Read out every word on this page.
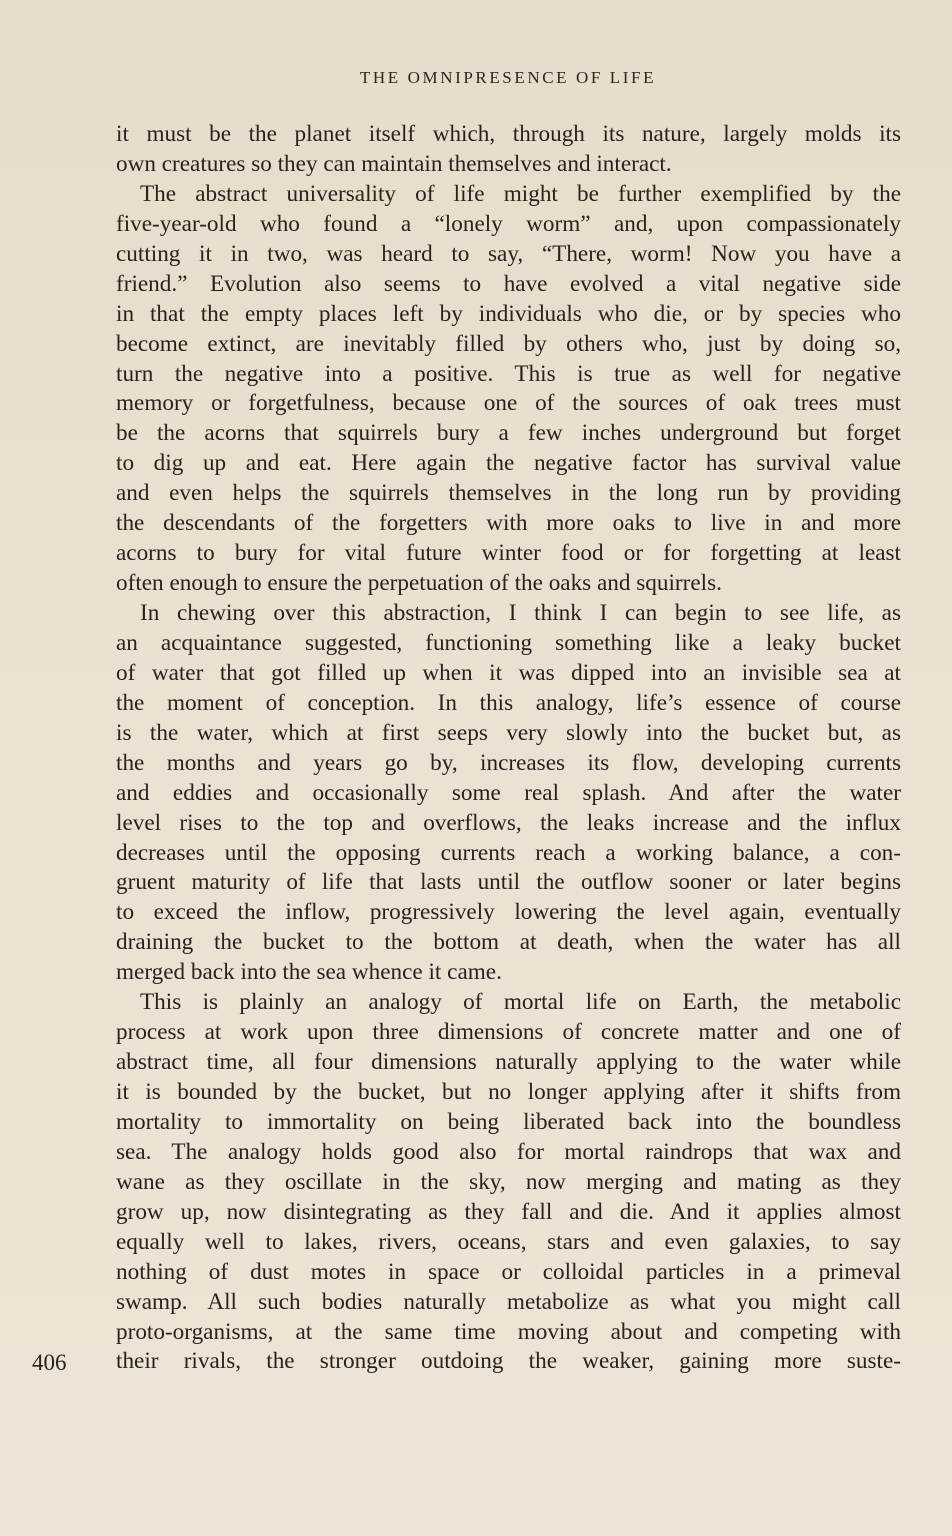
THE OMNIPRESENCE OF LIFE
it must be the planet itself which, through its nature, largely molds its
own creatures so they can maintain themselves and interact.
The abstract universality of life might be further exemplified by the
five-year-old who found a “lonely worm” and, upon compassionately
cutting it in two, was heard to say, “There, worm! Now you have a
friend.” Evolution also seems to have evolved a vital negative side
in that the empty places left by individuals who die, or by species who
become extinct, are inevitably filled by others who, just by doing so,
turn the negative into a positive. This is true as well for negative
memory or forgetfulness, because one of the sources of oak trees must
be the acorns that squirrels bury a few inches underground but forget
to dig up and eat. Here again the negative factor has survival value
and even helps the squirrels themselves in the long run by providing
the descendants of the forgetters with more oaks to live in and more
acorns to bury for vital future winter food or for forgetting at least
often enough to ensure the perpetuation of the oaks and squirrels.
In chewing over this abstraction, I think I can begin to see life, as
an acquaintance suggested, functioning something like a leaky bucket
of water that got filled up when it was dipped into an invisible sea at
the moment of conception. In this analogy, life’s essence of course
is the water, which at first seeps very slowly into the bucket but, as
the months and years go by, increases its flow, developing currents
and eddies and occasionally some real splash. And after the water
level rises to the top and overflows, the leaks increase and the influx
decreases until the opposing currents reach a working balance, a con-
gruent maturity of life that lasts until the outflow sooner or later begins
to exceed the inflow, progressively lowering the level again, eventually
draining the bucket to the bottom at death, when the water has all
merged back into the sea whence it came.
This is plainly an analogy of mortal life on Earth, the metabolic
process at work upon three dimensions of concrete matter and one of
abstract time, all four dimensions naturally applying to the water while
it is bounded by the bucket, but no longer applying after it shifts from
mortality to immortality on being liberated back into the boundless
sea. The analogy holds good also for mortal raindrops that wax and
wane as they oscillate in the sky, now merging and mating as they
grow up, now disintegrating as they fall and die. And it applies almost
equally well to lakes, rivers, oceans, stars and even galaxies, to say
nothing of dust motes in space or colloidal particles in a primeval
swamp. All such bodies naturally metabolize as what you might call
proto-organisms, at the same time moving about and competing with
their rivals, the stronger outdoing the weaker, gaining more suste-
406
